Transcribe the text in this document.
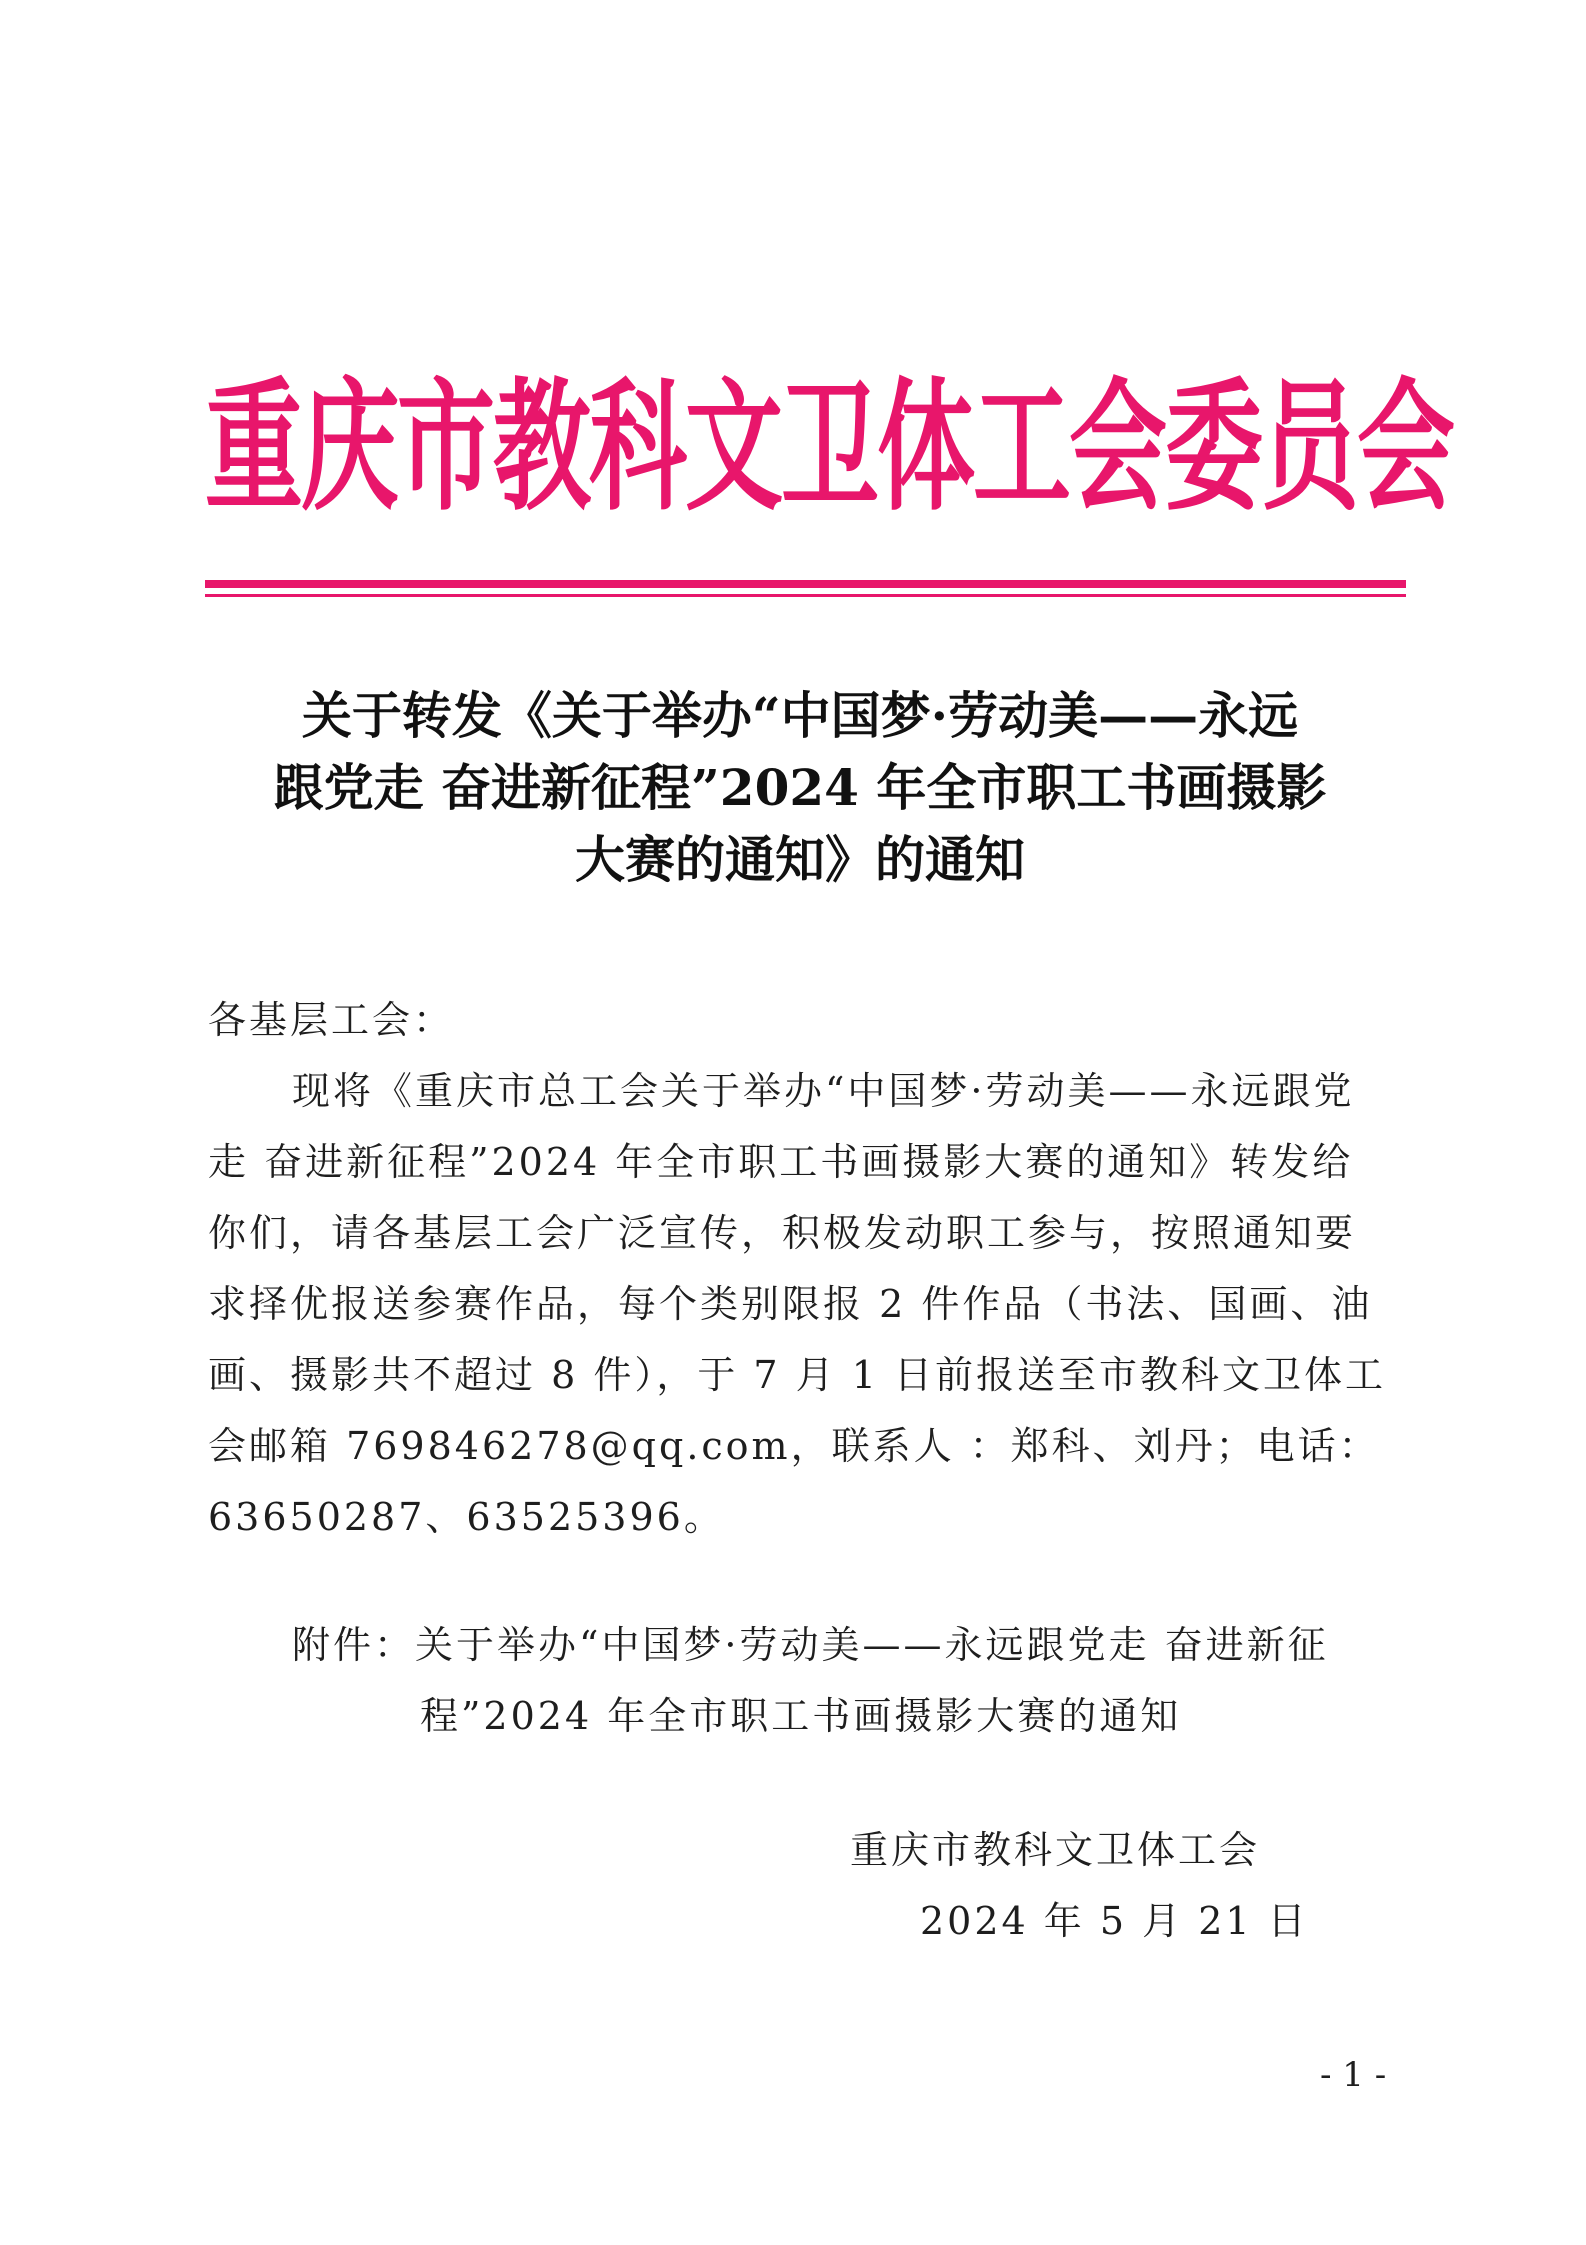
重庆市教科文卫体工会委员会
关于转发《关于举办“中国梦·劳动美——永远
跟党走 奋进新征程”2024 年全市职工书画摄影
大赛的通知》的通知
各基层工会：
现将《重庆市总工会关于举办“中国梦·劳动美——永远跟党
走 奋进新征程”2024 年全市职工书画摄影大赛的通知》转发给
你们，请各基层工会广泛宣传，积极发动职工参与，按照通知要
求择优报送参赛作品，每个类别限报 2 件作品（书法、国画、油
画、摄影共不超过 8 件），于 7 月 1 日前报送至市教科文卫体工
会邮箱 769846278@qq.com，联系人 ：郑科、刘丹；电话：
63650287、63525396。
附件：关于举办“中国梦·劳动美——永远跟党走 奋进新征
程”2024 年全市职工书画摄影大赛的通知
重庆市教科文卫体工会
2024 年 5 月 21 日
- 1 -
